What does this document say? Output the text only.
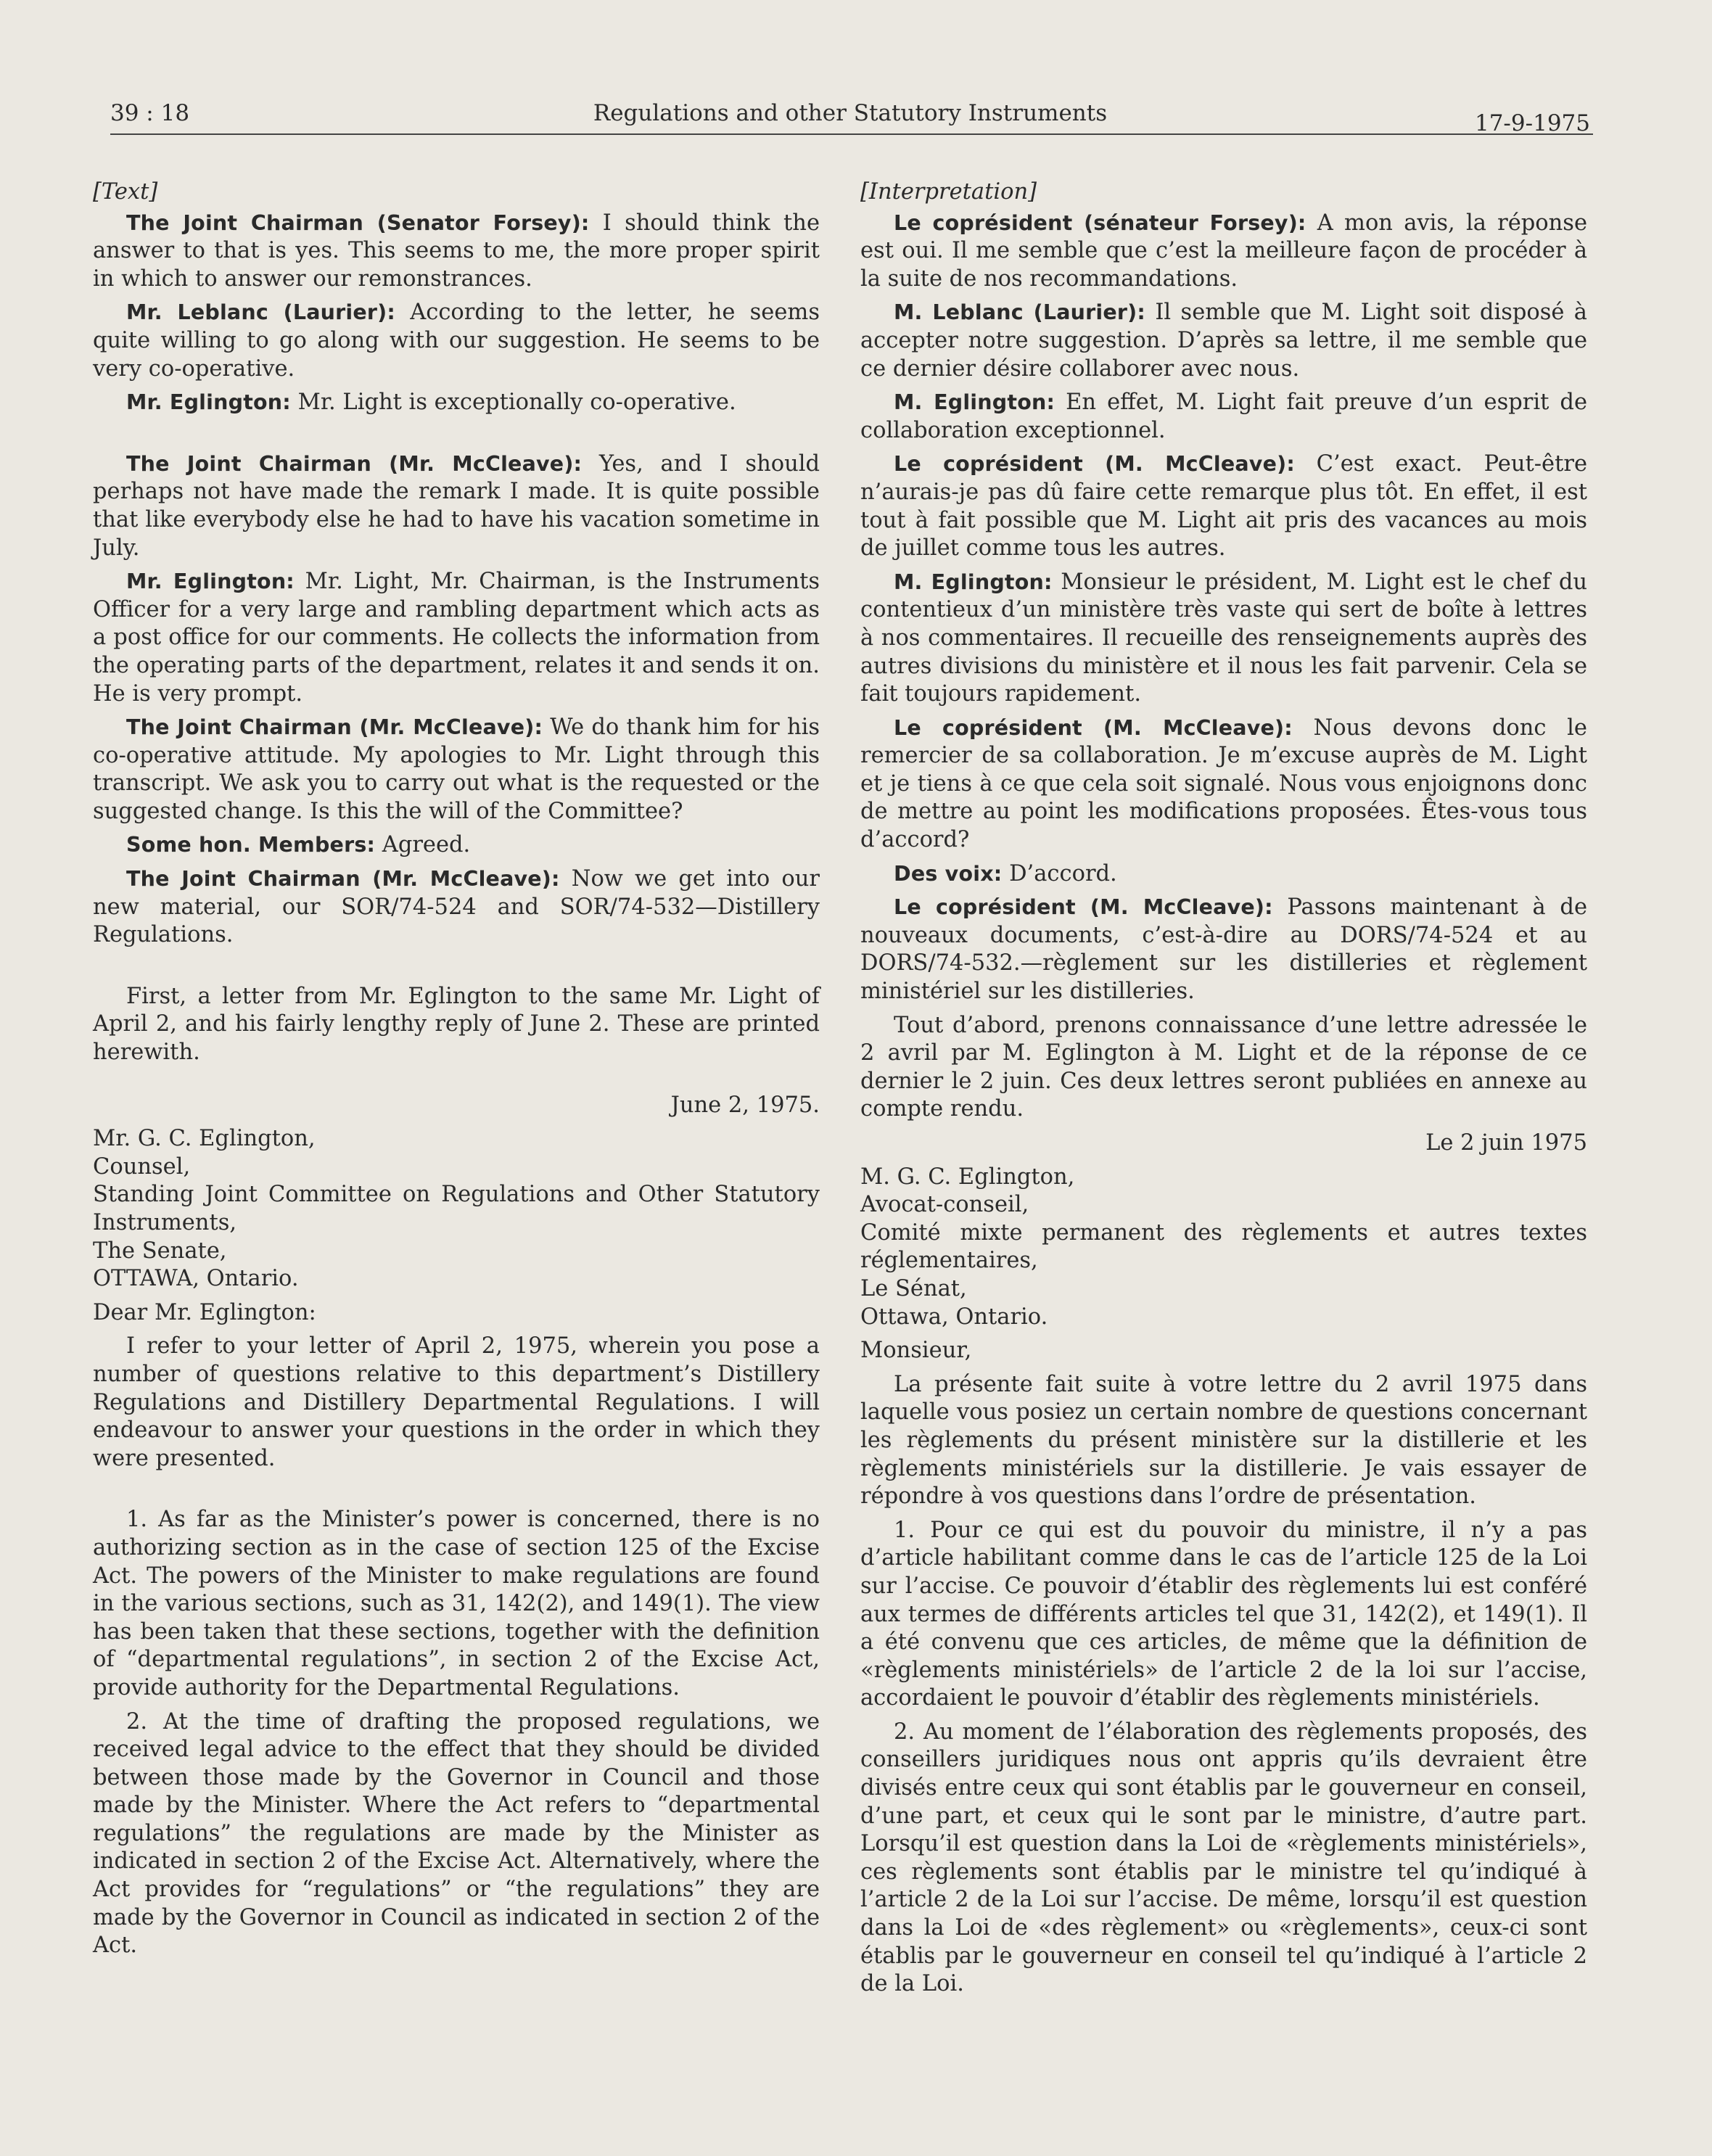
39 : 18	Regulations and other Statutory Instruments	17-9-1975
[Text]

The Joint Chairman (Senator Forsey): I should think the answer to that is yes. This seems to me, the more proper spirit in which to answer our remonstrances.

Mr. Leblanc (Laurier): According to the letter, he seems quite willing to go along with our suggestion. He seems to be very co-operative.

Mr. Eglington: Mr. Light is exceptionally co-operative.

The Joint Chairman (Mr. McCleave): Yes, and I should perhaps not have made the remark I made. It is quite possible that like everybody else he had to have his vacation sometime in July.

Mr. Eglington: Mr. Light, Mr. Chairman, is the Instruments Officer for a very large and rambling department which acts as a post office for our comments. He collects the information from the operating parts of the department, relates it and sends it on. He is very prompt.

The Joint Chairman (Mr. McCleave): We do thank him for his co-operative attitude. My apologies to Mr. Light through this transcript. We ask you to carry out what is the requested or the suggested change. Is this the will of the Committee?

Some hon. Members: Agreed.

The Joint Chairman (Mr. McCleave): Now we get into our new material, our SOR/74-524 and SOR/74-532—Distillery Regulations.

First, a letter from Mr. Eglington to the same Mr. Light of April 2, and his fairly lengthy reply of June 2. These are printed herewith.

June 2, 1975.

Mr. G. C. Eglington,

Counsel,

Standing Joint Committee on Regulations and Other Statutory Instruments,

The Senate,

OTTAWA, Ontario.

Dear Mr. Eglington:

I refer to your letter of April 2, 1975, wherein you pose a number of questions relative to this department’s Distillery Regulations and Distillery Departmental Regulations. I will endeavour to answer your questions in the order in which they were presented.

1. As far as the Minister’s power is concerned, there is no authorizing section as in the case of section 125 of the Excise Act. The powers of the Minister to make regulations are found in the various sections, such as 31, 142(2), and 149(1). The view has been taken that these sections, together with the definition of “departmental regulations”, in section 2 of the Excise Act, provide authority for the Departmental Regulations.

2. At the time of drafting the proposed regulations, we received legal advice to the effect that they should be divided between those made by the Governor in Council and those made by the Minister. Where the Act refers to “departmental regulations” the regulations are made by the Minister as indicated in section 2 of the Excise Act. Alternatively, where the Act provides for “regulations” or “the regulations” they are made by the Governor in Council as indicated in section 2 of the Act.

[Interpretation]

Le coprésident (sénateur Forsey): A mon avis, la réponse est oui. Il me semble que c’est la meilleure façon de procéder à la suite de nos recommandations.

M. Leblanc (Laurier): Il semble que M. Light soit disposé à accepter notre suggestion. D’après sa lettre, il me semble que ce dernier désire collaborer avec nous.

M. Eglington: En effet, M. Light fait preuve d’un esprit de collaboration exceptionnel.

Le coprésident (M. McCleave): C’est exact. Peut-être n’aurais-je pas dû faire cette remarque plus tôt. En effet, il est tout à fait possible que M. Light ait pris des vacances au mois de juillet comme tous les autres.

M. Eglington: Monsieur le président, M. Light est le chef du contentieux d’un ministère très vaste qui sert de boîte à lettres à nos commentaires. Il recueille des renseignements auprès des autres divisions du ministère et il nous les fait parvenir. Cela se fait toujours rapidement.

Le coprésident (M. McCleave): Nous devons donc le remercier de sa collaboration. Je m’excuse auprès de M. Light et je tiens à ce que cela soit signalé. Nous vous enjoignons donc de mettre au point les modifications proposées. Êtes-vous tous d’accord?

Des voix: D’accord.

Le coprésident (M. McCleave): Passons maintenant à de nouveaux documents, c’est-à-dire au DORS/74-524 et au DORS/74-532.—règlement sur les distilleries et règlement ministériel sur les distilleries.

Tout d’abord, prenons connaissance d’une lettre adressée le 2 avril par M. Eglington à M. Light et de la réponse de ce dernier le 2 juin. Ces deux lettres seront publiées en annexe au compte rendu.

Le 2 juin 1975

M. G. C. Eglington,

Avocat-conseil,

Comité mixte permanent des règlements et autres textes réglementaires,

Le Sénat,

Ottawa, Ontario.

Monsieur,

La présente fait suite à votre lettre du 2 avril 1975 dans laquelle vous posiez un certain nombre de questions concernant les règlements du présent ministère sur la distillerie et les règlements ministériels sur la distillerie. Je vais essayer de répondre à vos questions dans l’ordre de présentation.

1. Pour ce qui est du pouvoir du ministre, il n’y a pas d’article habilitant comme dans le cas de l’article 125 de la Loi sur l’accise. Ce pouvoir d’établir des règlements lui est conféré aux termes de différents articles tel que 31, 142(2), et 149(1). Il a été convenu que ces articles, de même que la définition de «règlements ministériels» de l’article 2 de la loi sur l’accise, accordaient le pouvoir d’établir des règlements ministériels.

2. Au moment de l’élaboration des règlements proposés, des conseillers juridiques nous ont appris qu’ils devraient être divisés entre ceux qui sont établis par le gouverneur en conseil, d’une part, et ceux qui le sont par le ministre, d’autre part. Lorsqu’il est question dans la Loi de «règlements ministériels», ces règlements sont établis par le ministre tel qu’indiqué à l’article 2 de la Loi sur l’accise. De même, lorsqu’il est question dans la Loi de «des règlement» ou «règlements», ceux-ci sont établis par le gouverneur en conseil tel qu’indiqué à l’article 2 de la Loi.
